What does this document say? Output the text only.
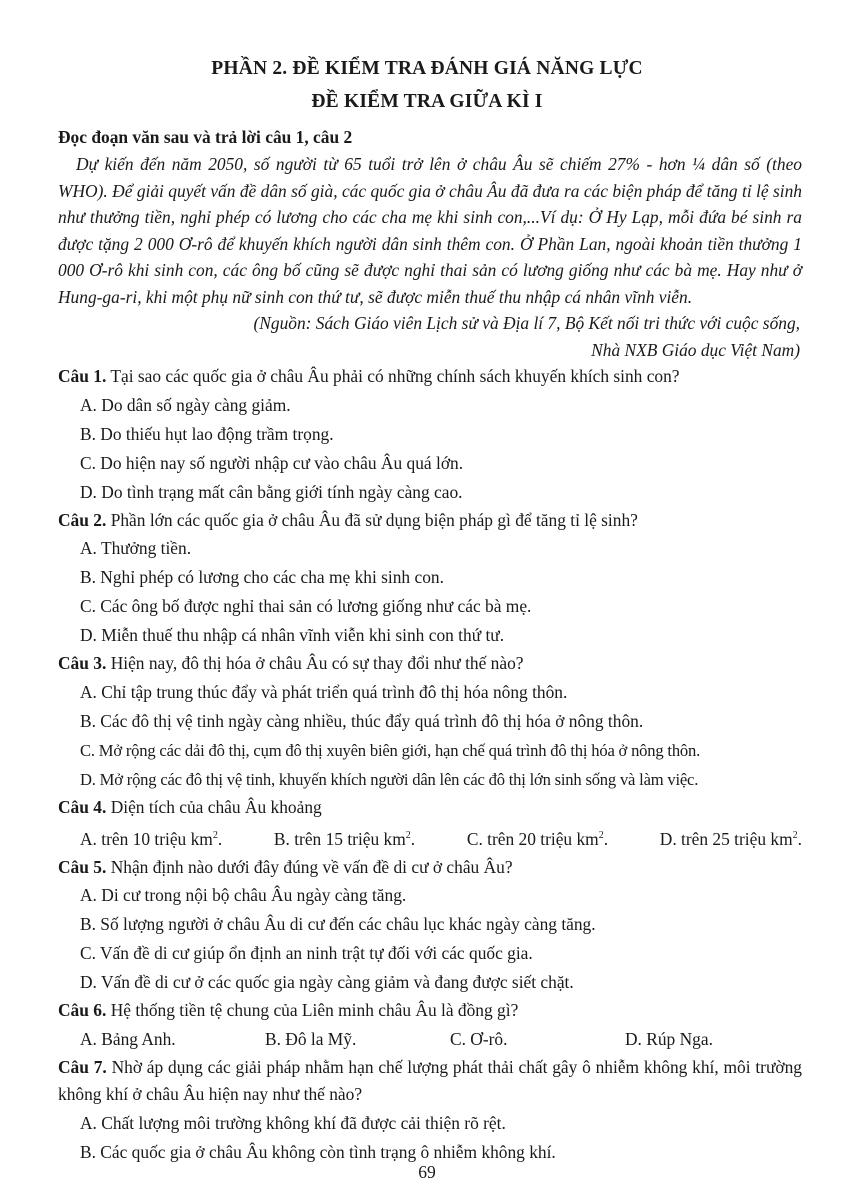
PHẦN 2. ĐỀ KIỂM TRA ĐÁNH GIÁ NĂNG LỰC
ĐỀ KIỂM TRA GIỮA KÌ I
Đọc đoạn văn sau và trả lời câu 1, câu 2

Dự kiến đến năm 2050, số người từ 65 tuổi trở lên ở châu Âu sẽ chiếm 27% - hơn ¼ dân số (theo WHO). Để giải quyết vấn đề dân số già, các quốc gia ở châu Âu đã đưa ra các biện pháp để tăng tỉ lệ sinh như thưởng tiền, nghỉ phép có lương cho các cha mẹ khi sinh con,...Ví dụ: Ở Hy Lạp, mỗi đứa bé sinh ra được tặng 2 000 Ơ-rô để khuyến khích người dân sinh thêm con. Ở Phần Lan, ngoài khoản tiền thưởng 1 000 Ơ-rô khi sinh con, các ông bố cũng sẽ được nghỉ thai sản có lương giống như các bà mẹ. Hay như ở Hung-ga-ri, khi một phụ nữ sinh con thứ tư, sẽ được miễn thuế thu nhập cá nhân vĩnh viễn.

(Nguồn: Sách Giáo viên Lịch sử và Địa lí 7, Bộ Kết nối tri thức với cuộc sống,
Nhà NXB Giáo dục Việt Nam)
Câu 1. Tại sao các quốc gia ở châu Âu phải có những chính sách khuyến khích sinh con?
A. Do dân số ngày càng giảm.
B. Do thiếu hụt lao động trầm trọng.
C. Do hiện nay số người nhập cư vào châu Âu quá lớn.
D. Do tình trạng mất cân bằng giới tính ngày càng cao.
Câu 2. Phần lớn các quốc gia ở châu Âu đã sử dụng biện pháp gì để tăng tỉ lệ sinh?
A. Thưởng tiền.
B. Nghỉ phép có lương cho các cha mẹ khi sinh con.
C. Các ông bố được nghỉ thai sản có lương giống như các bà mẹ.
D. Miễn thuế thu nhập cá nhân vĩnh viễn khi sinh con thứ tư.
Câu 3. Hiện nay, đô thị hóa ở châu Âu có sự thay đổi như thế nào?
A. Chỉ tập trung thúc đẩy và phát triển quá trình đô thị hóa nông thôn.
B. Các đô thị vệ tinh ngày càng nhiều, thúc đẩy quá trình đô thị hóa ở nông thôn.
C. Mở rộng các dải đô thị, cụm đô thị xuyên biên giới, hạn chế quá trình đô thị hóa ở nông thôn.
D. Mở rộng các đô thị vệ tinh, khuyến khích người dân lên các đô thị lớn sinh sống và làm việc.
Câu 4. Diện tích của châu Âu khoảng
A. trên 10 triệu $km^2$.	B. trên 15 triệu $km^2$.	C. trên 20 triệu $km^2$.	D. trên 25 triệu $km^2$.
Câu 5. Nhận định nào dưới đây đúng về vấn đề di cư ở châu Âu?
A. Di cư trong nội bộ châu Âu ngày càng tăng.
B. Số lượng người ở châu Âu di cư đến các châu lục khác ngày càng tăng.
C. Vấn đề di cư giúp ổn định an ninh trật tự đối với các quốc gia.
D. Vấn đề di cư ở các quốc gia ngày càng giảm và đang được siết chặt.
Câu 6. Hệ thống tiền tệ chung của Liên minh châu Âu là đồng gì?
A. Bảng Anh.	B. Đô la Mỹ.	C. Ơ-rô.	D. Rúp Nga.
Câu 7. Nhờ áp dụng các giải pháp nhằm hạn chế lượng phát thải chất gây ô nhiễm không khí, môi trường không khí ở châu Âu hiện nay như thế nào?
A. Chất lượng môi trường không khí đã được cải thiện rõ rệt.
B. Các quốc gia ở châu Âu không còn tình trạng ô nhiễm không khí.
69
